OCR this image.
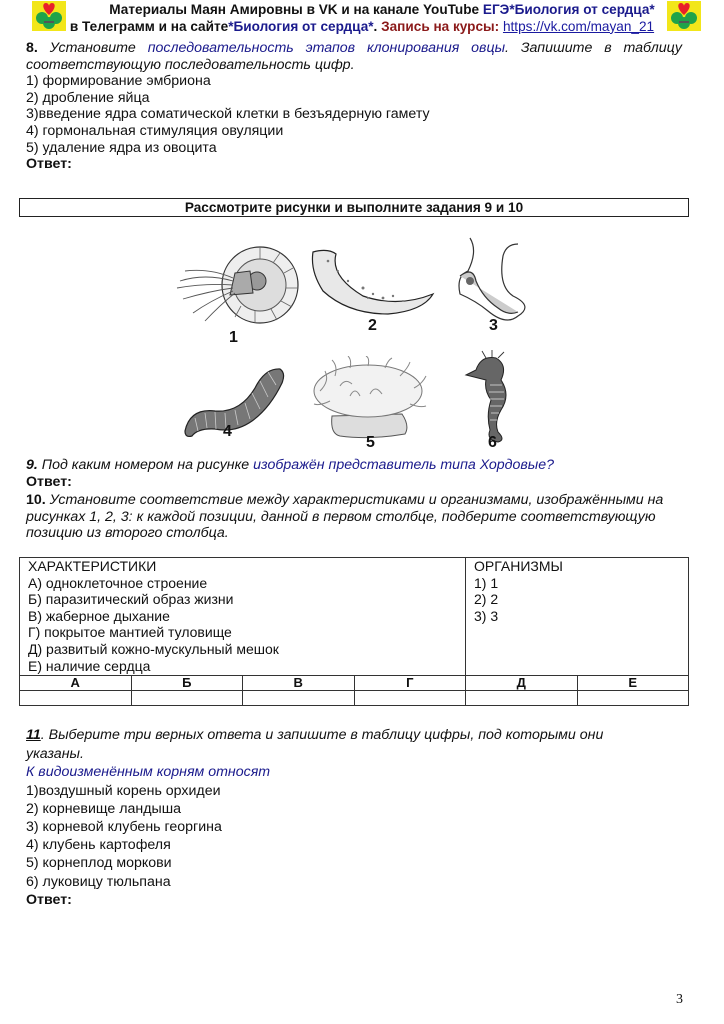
Материалы Маян Амировны в VK и на канале YouTube ЕГЭ*Биология от сердца*
в Телеграмм и на сайте*Биология от сердца*. Запись на курсы: https://vk.com/mayan_21
8. Установите последовательность этапов клонирования овцы. Запишите в таблицу соответствующую последовательность цифр.
1) формирование эмбриона
2) дробление яйца
3)введение ядра соматической клетки в безъядерную гамету
4) гормональная стимуляция овуляции
5) удаление ядра из овоцита
Ответ:
Рассмотрите рисунки и выполните задания 9 и 10
1
2	3
4
5	6
9. Под каким номером на рисунке изображён представитель типа Хордовые?
Ответ:
10. Установите соответствие между характеристиками и организмами, изображёнными на рисунках 1, 2, 3: к каждой позиции, данной в первом столбце, подберите соответствующую позицию из второго столбца.
ХАРАКТЕРИСТИКИ
А) одноклеточное строение
Б) паразитический образ жизни
В) жаберное дыхание
Г) покрытое мантией туловище
Д) развитый кожно-мускульный мешок
Е) наличие сердца

ОРГАНИЗМЫ
1) 1
2) 2
3) 3

А	Б	В	Г	Д	Е

11. Выберите три верных ответа и запишите в таблицу цифры, под которыми они указаны.
К видоизменённым корням относят
1)воздушный корень орхидеи
2) корневище ландыша
3) корневой клубень георгина
4) клубень картофеля
5) корнеплод моркови
6) луковицу тюльпана
Ответ:
3
